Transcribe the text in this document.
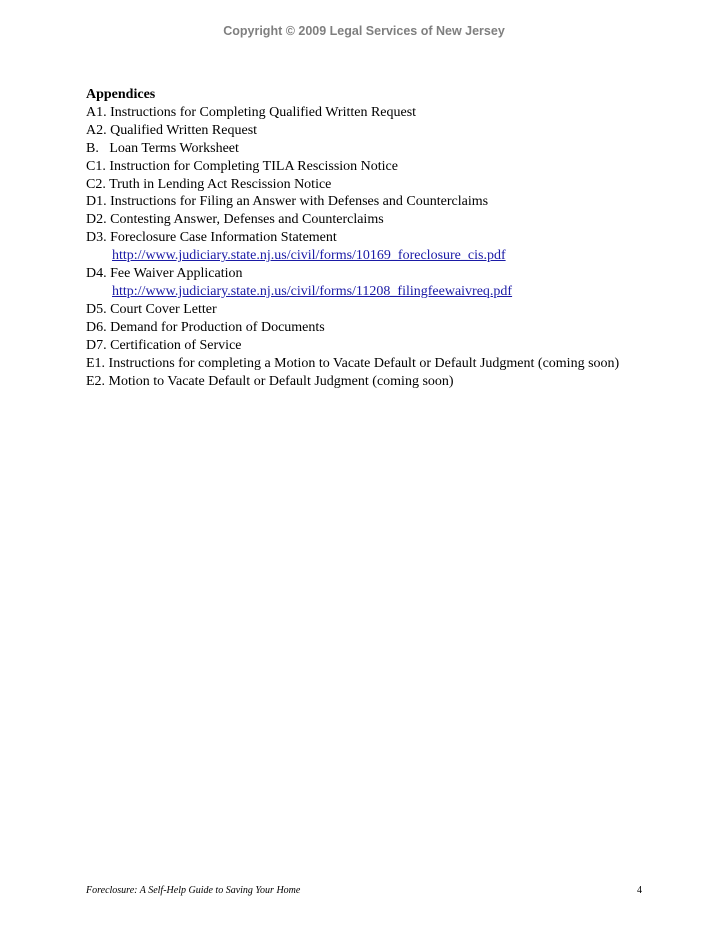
Copyright © 2009 Legal Services of New Jersey
Appendices
A1. Instructions for Completing Qualified Written Request
A2. Qualified Written Request
B.   Loan Terms Worksheet
C1. Instruction for Completing TILA Rescission Notice
C2. Truth in Lending Act Rescission Notice
D1. Instructions for Filing an Answer with Defenses and Counterclaims
D2. Contesting Answer, Defenses and Counterclaims
D3. Foreclosure Case Information Statement
http://www.judiciary.state.nj.us/civil/forms/10169_foreclosure_cis.pdf
D4. Fee Waiver Application
http://www.judiciary.state.nj.us/civil/forms/11208_filingfeewaivreq.pdf
D5. Court Cover Letter
D6. Demand for Production of Documents
D7. Certification of Service
E1. Instructions for completing a Motion to Vacate Default or Default Judgment (coming soon)
E2. Motion to Vacate Default or Default Judgment (coming soon)
Foreclosure: A Self-Help Guide to Saving Your Home	4
